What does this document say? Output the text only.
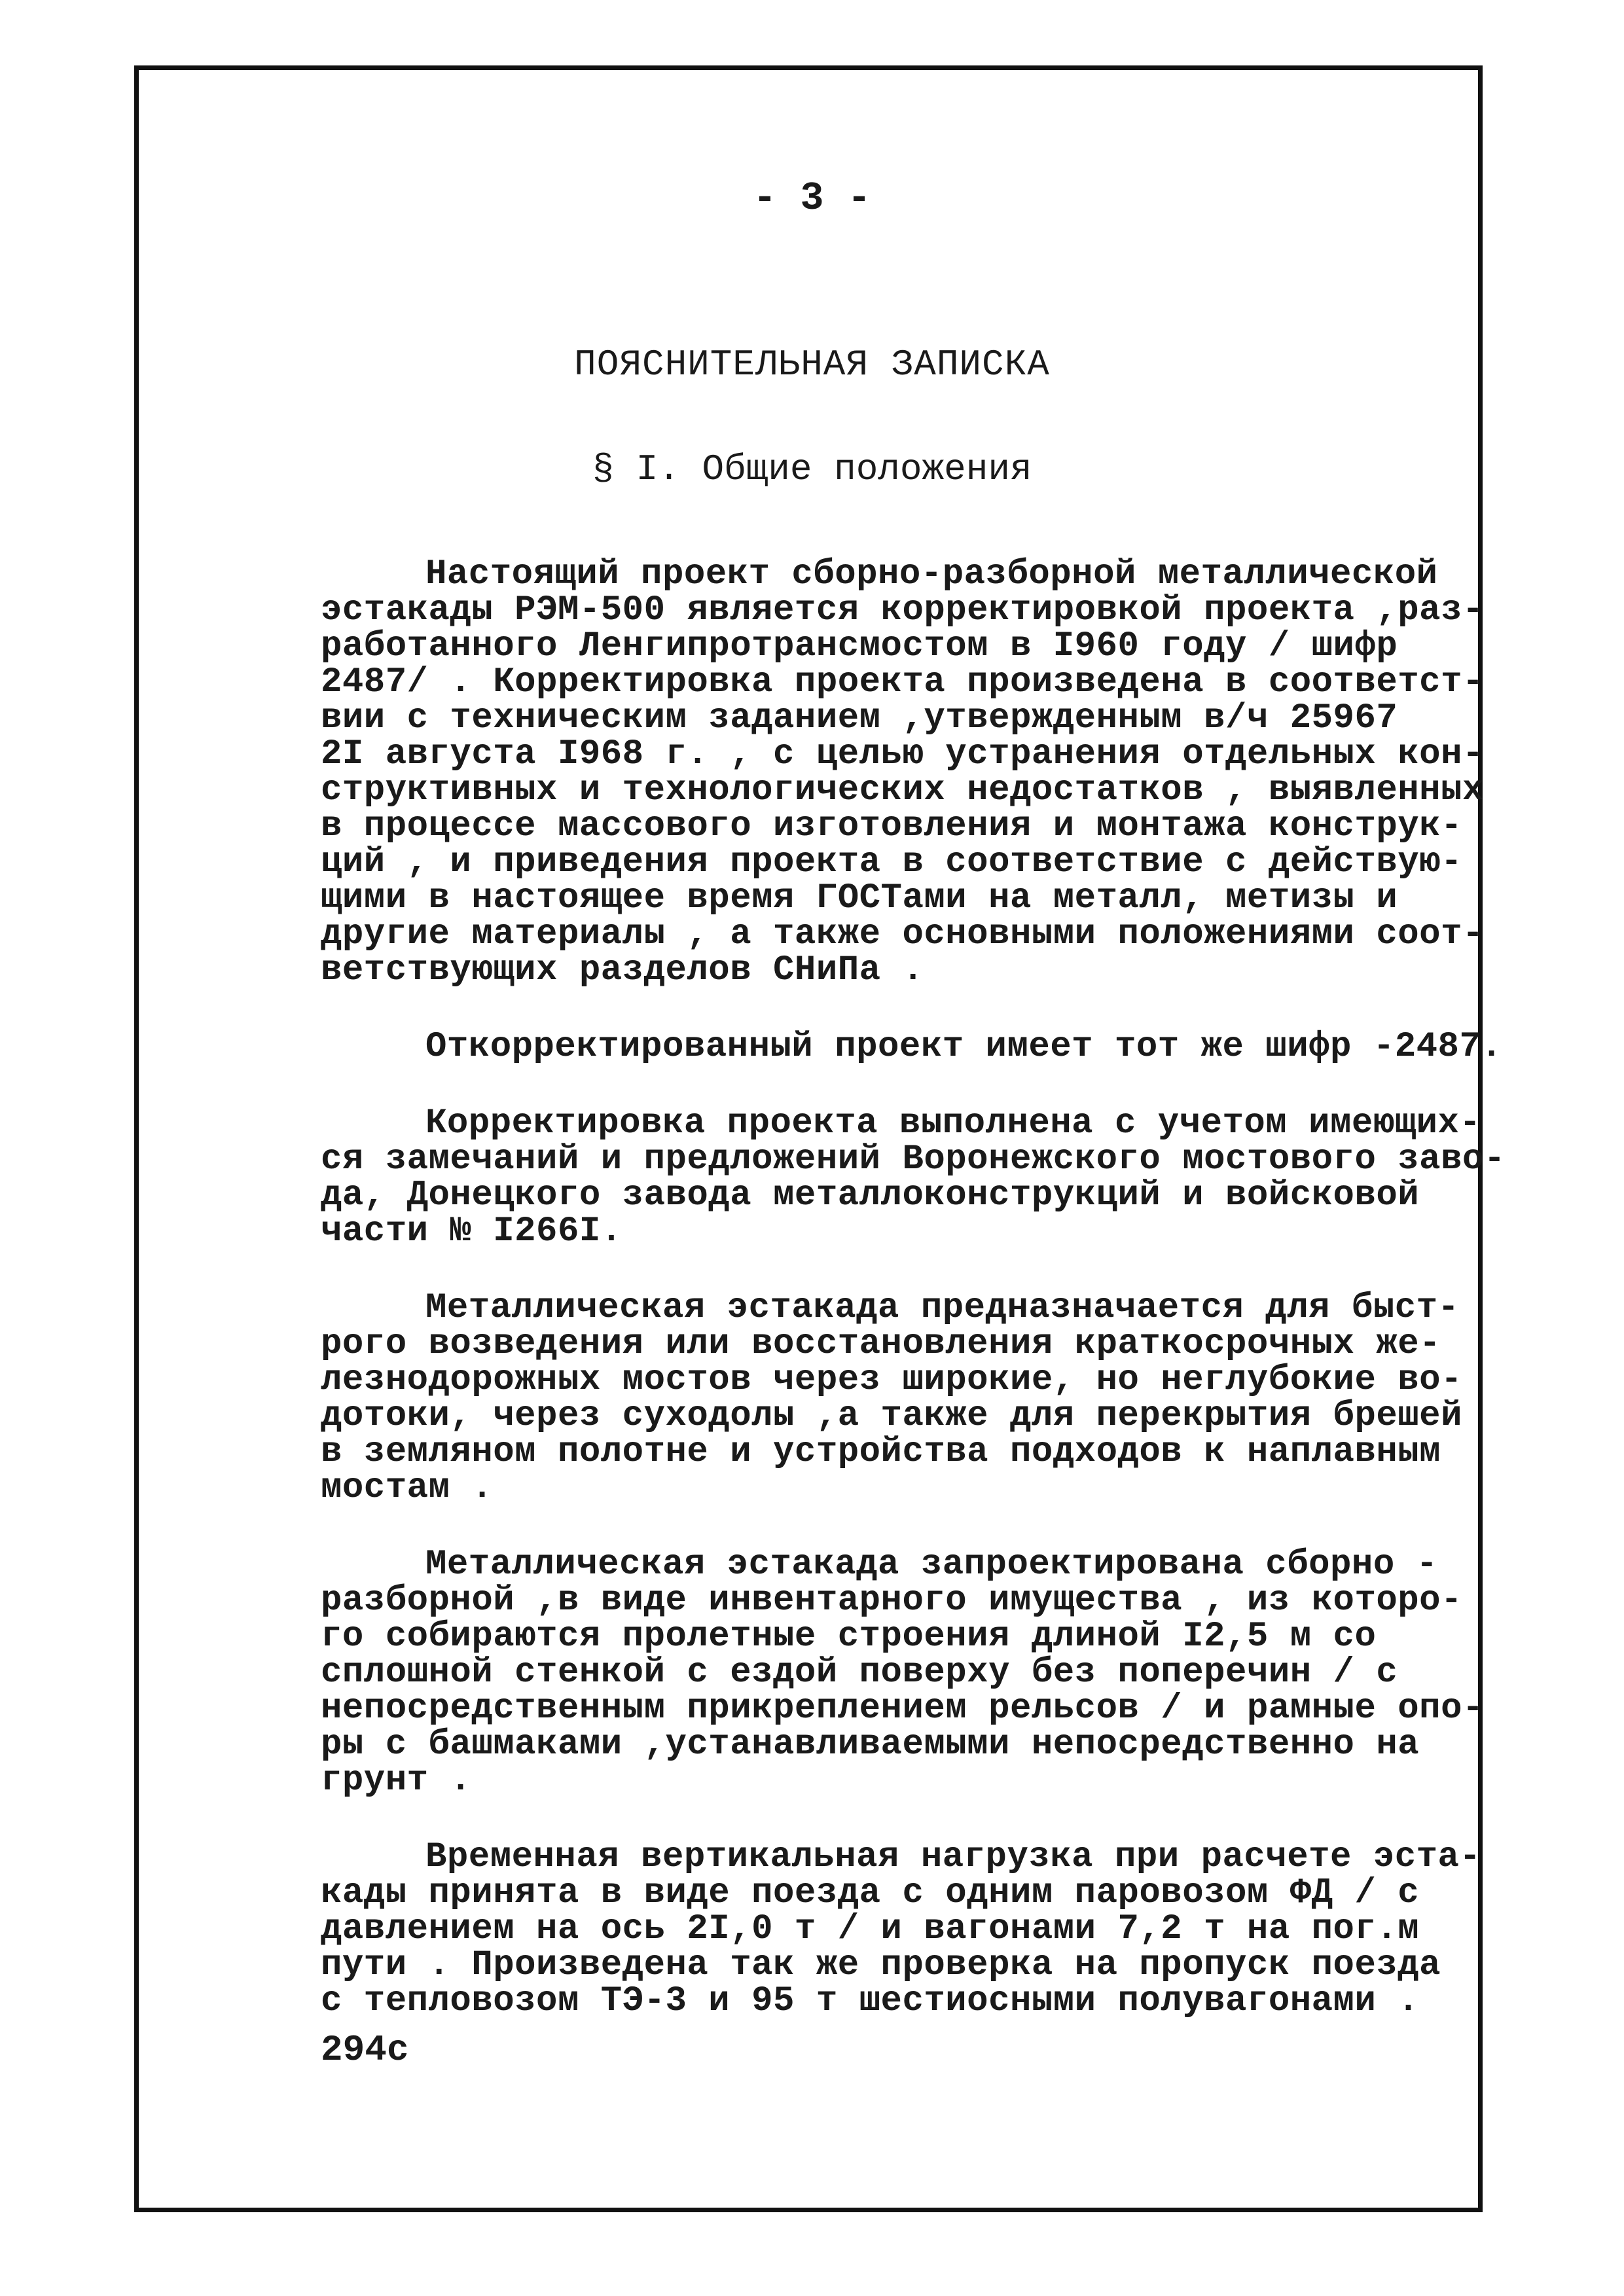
- 3 -
ПОЯСНИТЕЛЬНАЯ ЗАПИСКА
§ I. Общие положения
Настоящий проект сборно-разборной металлической
эстакады РЭМ-500 является корректировкой проекта ,раз-
работанного Ленгипротрансмостом в I960 году / шифр
2487/ . Корректировка проекта произведена в соответст-
вии с техническим заданием ,утвержденным в/ч 25967
2I августа I968 г. , с целью устранения отдельных кон-
структивных и технологических недостатков , выявленных
в процессе массового изготовления и монтажа конструк-
ций , и приведения проекта в соответствие с действую-
щими в настоящее время ГОСТами на металл, метизы и
другие материалы , а также основными положениями соот-
ветствующих разделов СНиПа .
Откорректированный проект имеет тот же шифр -2487.
Корректировка проекта выполнена с учетом имеющих-
ся замечаний и предложений Воронежского мостового заво-
да, Донецкого завода металлоконструкций и войсковой
части № I266I.
Металлическая эстакада предназначается для быст-
рого возведения или восстановления краткосрочных же-
лезнодорожных мостов через широкие, но неглубокие во-
дотоки, через суходолы ,а также для перекрытия брешей
в земляном полотне и устройства подходов к наплавным
мостам .
Металлическая эстакада запроектирована сборно -
разборной ,в виде инвентарного имущества , из которо-
го собираются пролетные строения длиной I2,5 м со
сплошной стенкой с ездой поверху без поперечин / с
непосредственным прикреплением рельсов / и рамные опо-
ры с башмаками ,устанавливаемыми непосредственно на
грунт .
Временная вертикальная нагрузка при расчете эста-
кады принята в виде поезда с одним паровозом ФД / с
давлением на ось 2I,0 т / и вагонами 7,2 т на пог.м
пути . Произведена так же проверка на пропуск поезда
с тепловозом ТЭ-3 и 95 т шестиосными полувагонами .
294с
